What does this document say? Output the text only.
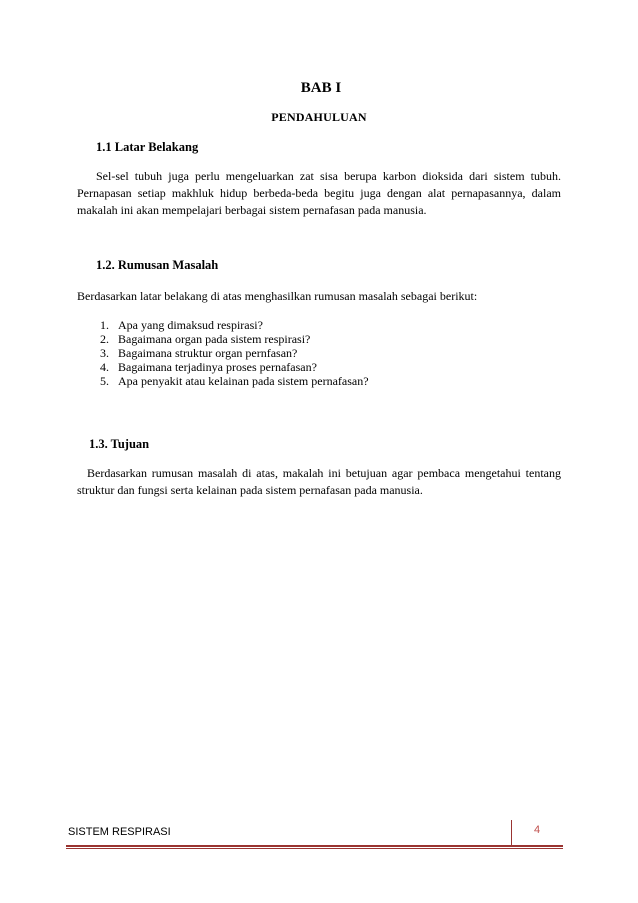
BAB I
PENDAHULUAN
1.1 Latar Belakang
Sel-sel tubuh juga perlu mengeluarkan zat sisa berupa karbon dioksida dari sistem tubuh. Pernapasan setiap makhluk hidup berbeda-beda begitu juga dengan alat pernapasannya, dalam makalah ini akan mempelajari berbagai sistem pernafasan pada manusia.
1.2. Rumusan Masalah
Berdasarkan latar belakang di atas menghasilkan rumusan masalah sebagai berikut:
1. Apa yang dimaksud respirasi?
2. Bagaimana organ pada sistem respirasi?
3. Bagaimana struktur organ pernfasan?
4. Bagaimana terjadinya proses pernafasan?
5. Apa penyakit atau kelainan pada sistem pernafasan?
1.3. Tujuan
Berdasarkan rumusan masalah di atas, makalah ini betujuan agar pembaca mengetahui tentang struktur dan fungsi serta kelainan pada sistem pernafasan pada manusia.
SISTEM RESPIRASI	4
